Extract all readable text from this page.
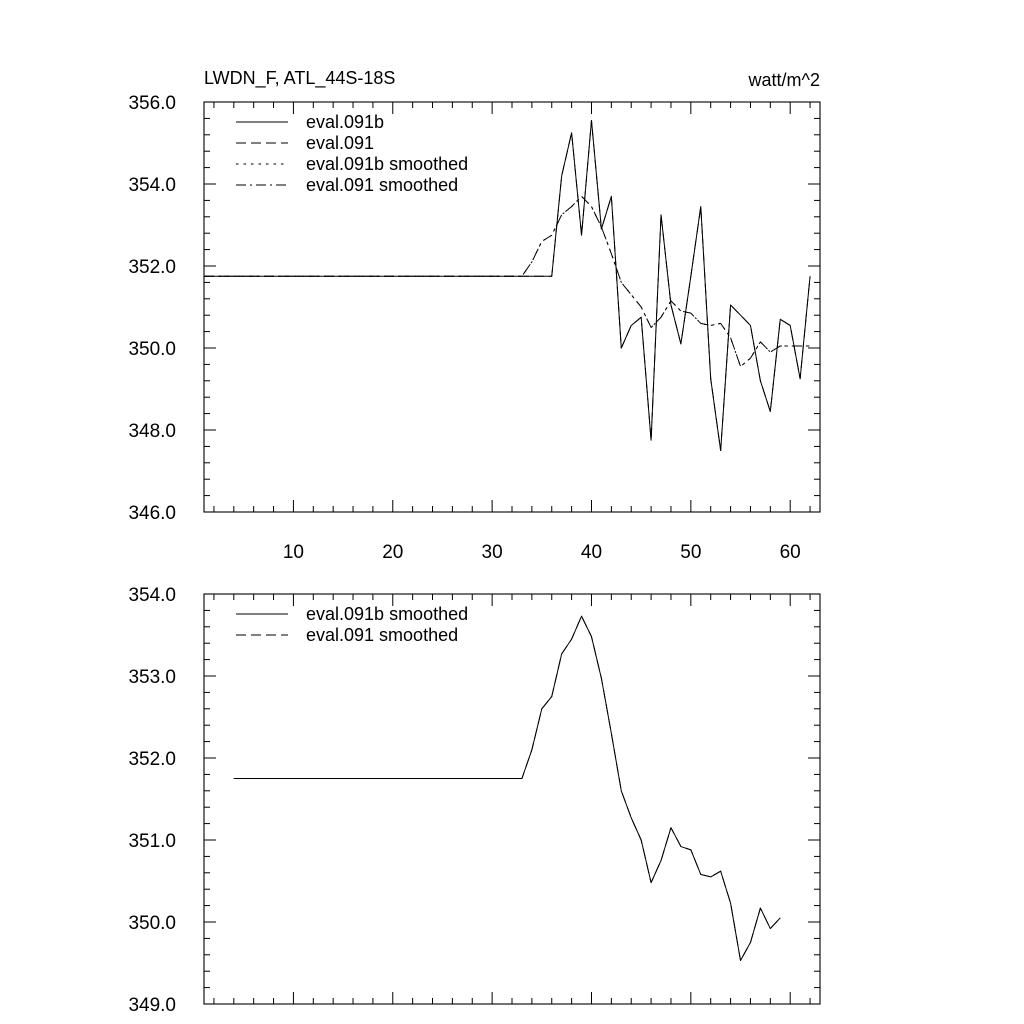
LWDN_F, ATL_44S-18S	watt/m^2
10	20	30	40	50	60
346.0
348.0
350.0
352.0
354.0
356.0
eval.091b
eval.091
eval.091b smoothed
eval.091 smoothed
349.0
350.0
351.0
352.0
353.0
354.0
eval.091b smoothed
eval.091 smoothed
